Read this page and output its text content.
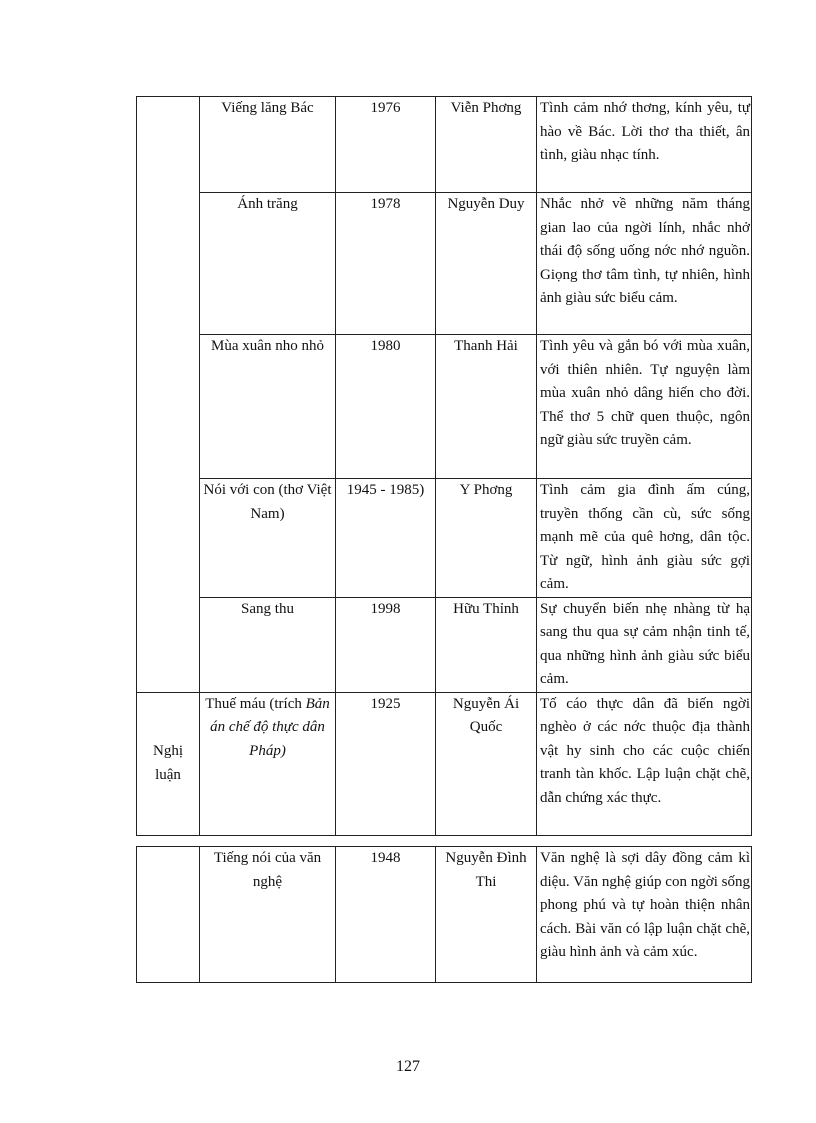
	Viếng lăng Bác	1976	Viễn Phơng	Tình cảm nhớ thơng, kính yêu, tự hào về Bác. Lời thơ tha thiết, ân tình, giàu nhạc tính.
	Ánh trăng	1978	Nguyễn Duy	Nhắc nhở về những năm tháng gian lao của ngời lính, nhắc nhở thái độ sống uống nớc nhớ nguồn. Giọng thơ tâm tình, tự nhiên, hình ảnh giàu sức biểu cảm.
	Mùa xuân nho nhỏ	1980	Thanh Hải	Tình yêu và gắn bó với mùa xuân, với thiên nhiên. Tự nguyện làm mùa xuân nhỏ dâng hiến cho đời. Thể thơ 5 chữ quen thuộc, ngôn ngữ giàu sức truyền cảm.
	Nói với con (thơ Việt Nam)	1945 - 1985)	Y Phơng	Tình cảm gia đình ấm cúng, truyền thống cần cù, sức sống mạnh mẽ của quê hơng, dân tộc. Từ ngữ, hình ảnh giàu sức gợi cảm.
	Sang thu	1998	Hữu Thỉnh	Sự chuyển biến nhẹ nhàng từ hạ sang thu qua sự cảm nhận tinh tế, qua những hình ảnh giàu sức biểu cảm.
Nghị luận	Thuế máu (trích Bản án chế độ thực dân Pháp)	1925	Nguyễn Ái Quốc	Tố cáo thực dân đã biến ngời nghèo ở các nớc thuộc địa thành vật hy sinh cho các cuộc chiến tranh tàn khốc. Lập luận chặt chẽ, dẫn chứng xác thực.
	Tiếng nói của văn nghệ	1948	Nguyễn Đình Thi	Văn nghệ là sợi dây đồng cảm kì diệu. Văn nghệ giúp con ngời sống phong phú và tự hoàn thiện nhân cách. Bài văn có lập luận chặt chẽ, giàu hình ảnh và cảm xúc.
127
